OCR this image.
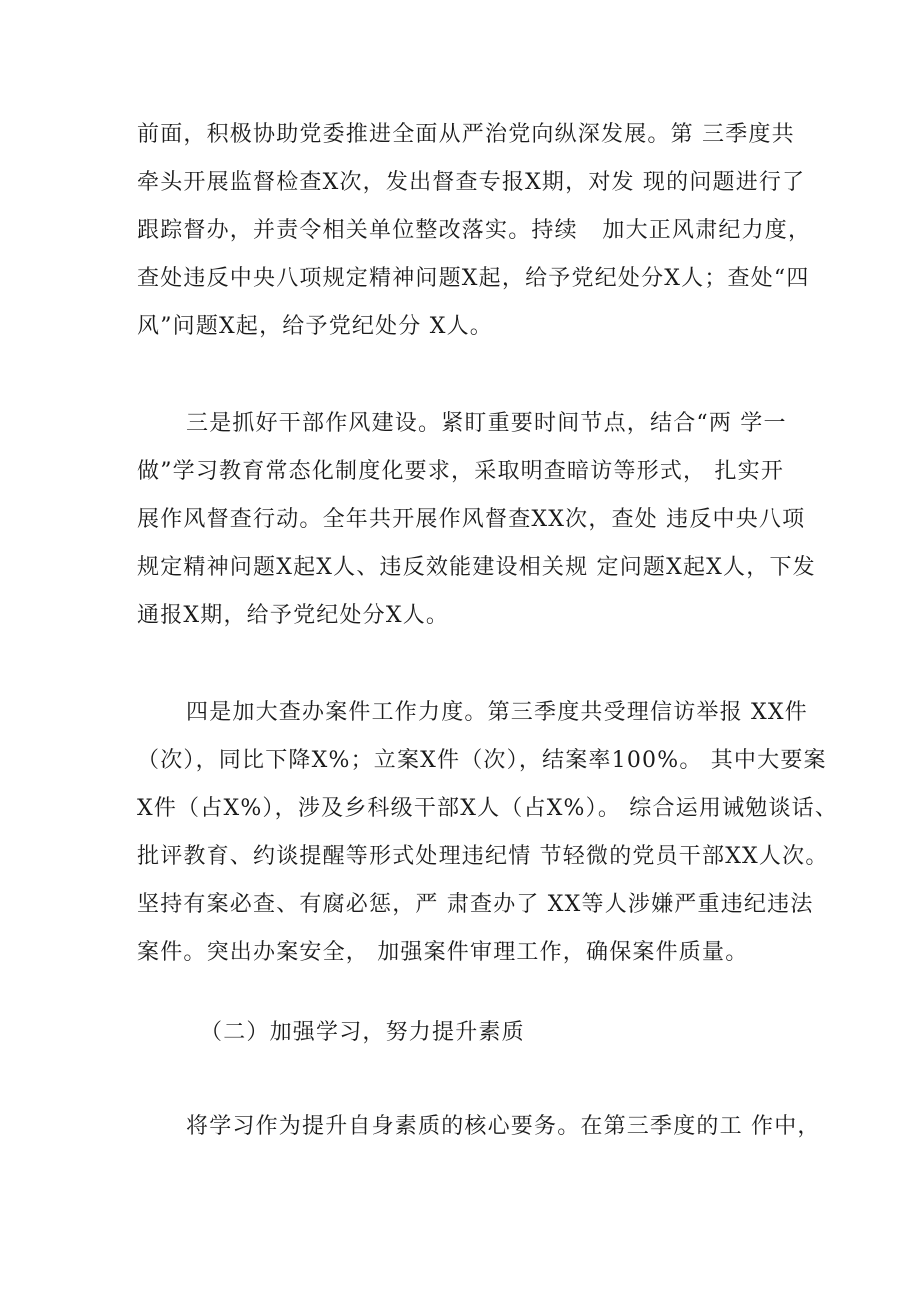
前面，积极协助党委推进全面从严治党向纵深发展。第 三季度共
牵头开展监督检查X次，发出督查专报X期，对发 现的问题进行了
跟踪督办，并责令相关单位整改落实。持续   加大正风肃纪力度，
查处违反中央八项规定精神问题X起，给予党纪处分X人；查处“四
风”问题X起，给予党纪处分 X人。
三是抓好干部作风建设。紧盯重要时间节点，结合“两 学一
做”学习教育常态化制度化要求，采取明查暗访等形式， 扎实开
展作风督查行动。全年共开展作风督查XX次，查处 违反中央八项
规定精神问题X起X人、违反效能建设相关规 定问题X起X人，下发
通报X期，给予党纪处分X人。
四是加大查办案件工作力度。第三季度共受理信访举报 XX件
（次），同比下降X%；立案X件（次），结案率100%。 其中大要案
X件（占X%），涉及乡科级干部X人（占X%）。 综合运用诫勉谈话、
批评教育、约谈提醒等形式处理违纪情 节轻微的党员干部XX人次。
坚持有案必查、有腐必惩，严 肃查办了 XX等人涉嫌严重违纪违法
案件。突出办案安全， 加强案件审理工作，确保案件质量。
（二）加强学习，努力提升素质
将学习作为提升自身素质的核心要务。在第三季度的工 作中，
